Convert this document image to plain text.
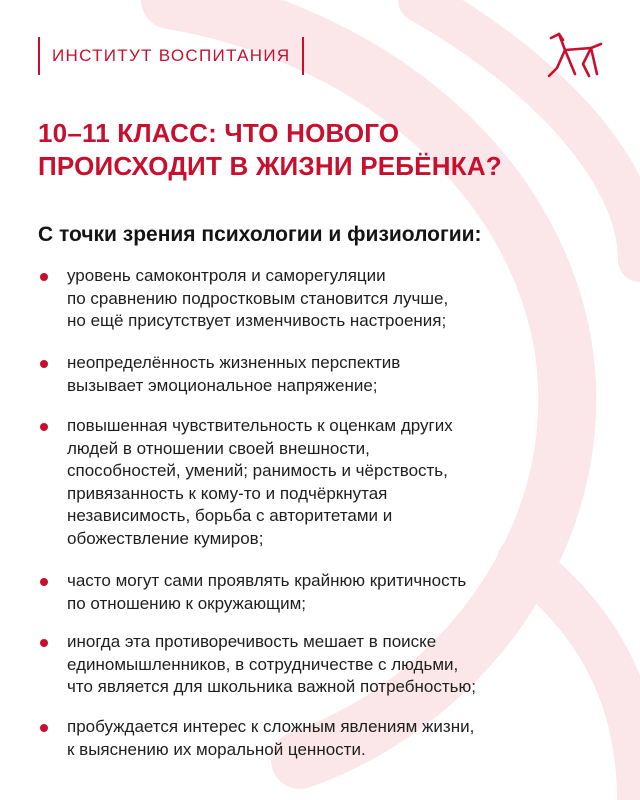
ИНСТИТУТ ВОСПИТАНИЯ
10–11 КЛАСС: ЧТО НОВОГО
ПРОИСХОДИТ В ЖИЗНИ РЕБЁНКА?
С точки зрения психологии и физиологии:
уровень самоконтроля и саморегуляции
по сравнению подростковым становится лучше,
но ещё присутствует изменчивость настроения;
неопределённость жизненных перспектив
вызывает эмоциональное напряжение;
повышенная чувствительность к оценкам других
людей в отношении своей внешности,
способностей, умений; ранимость и чёрствость,
привязанность к кому-то и подчёркнутая
независимость, борьба с авторитетами и
обожествление кумиров;
часто могут сами проявлять крайнюю критичность
по отношению к окружающим;
иногда эта противоречивость мешает в поиске
единомышленников, в сотрудничестве с людьми,
что является для школьника важной потребностью;
пробуждается интерес к сложным явлениям жизни,
к выяснению их моральной ценности.
